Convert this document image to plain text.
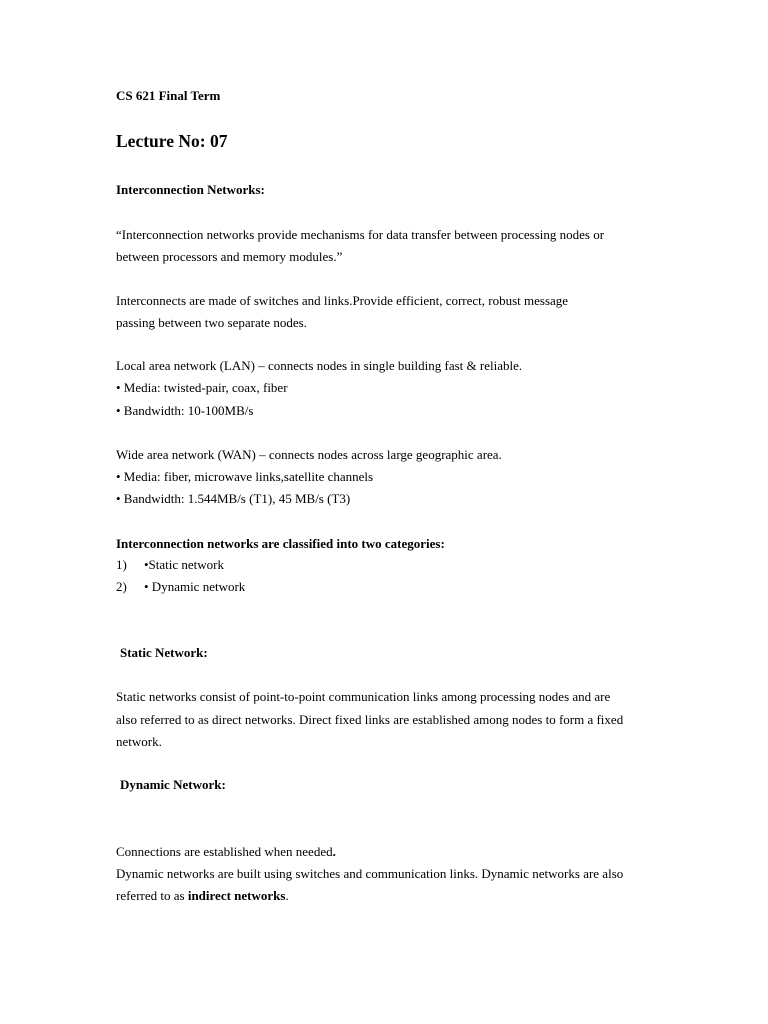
CS 621 Final Term
Lecture No: 07
Interconnection Networks:
“Interconnection networks provide mechanisms for data transfer between processing nodes or
between processors and memory modules.”
Interconnects are made of switches and links.Provide efficient, correct, robust message
passing between two separate nodes.
Local area network (LAN) – connects nodes in single building fast & reliable.
• Media: twisted-pair, coax, fiber
• Bandwidth: 10-100MB/s
Wide area network (WAN) – connects nodes across large geographic area.
• Media: fiber, microwave links,satellite channels
• Bandwidth: 1.544MB/s (T1), 45 MB/s (T3)
Interconnection networks are classified into two categories:
1) •Static network
2) • Dynamic network
Static Network:
Static networks consist of point-to-point communication links among processing nodes and are
also referred to as direct networks. Direct fixed links are established among nodes to form a fixed
network.
Dynamic Network:
Connections are established when needed.
Dynamic networks are built using switches and communication links. Dynamic networks are also
referred to as indirect networks.
